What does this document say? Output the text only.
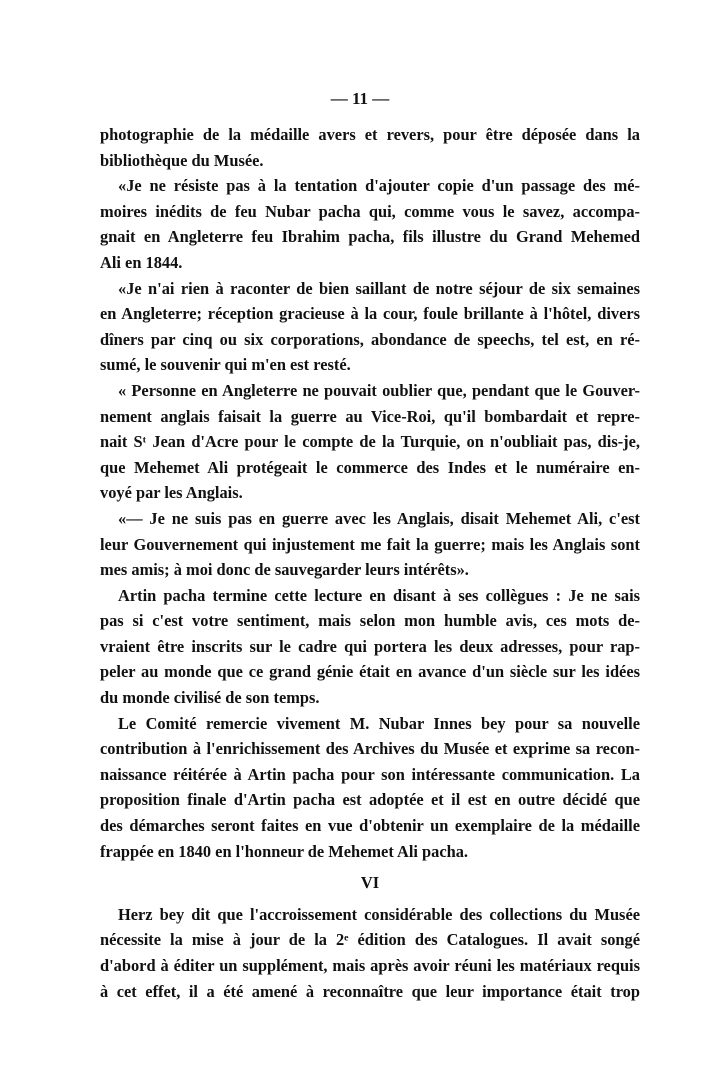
— 11 —
photographie de la médaille avers et revers, pour être déposée dans la
bibliothèque du Musée.
«Je ne résiste pas à la tentation d'ajouter copie d'un passage des mé-
moires inédits de feu Nubar pacha qui, comme vous le savez, accompa-
gnait en Angleterre feu Ibrahim pacha, fils illustre du Grand Mehemed
Ali en 1844.
«Je n'ai rien à raconter de bien saillant de notre séjour de six semaines
en Angleterre; réception gracieuse à la cour, foule brillante à l'hôtel, divers
dîners par cinq ou six corporations, abondance de speechs, tel est, en ré-
sumé, le souvenir qui m'en est resté.
« Personne en Angleterre ne pouvait oublier que, pendant que le Gouver-
nement anglais faisait la guerre au Vice-Roi, qu'il bombardait et repre-
nait Sᵗ Jean d'Acre pour le compte de la Turquie, on n'oubliait pas, dis-je,
que Mehemet Ali protégeait le commerce des Indes et le numéraire en-
voyé par les Anglais.
«— Je ne suis pas en guerre avec les Anglais, disait Mehemet Ali, c'est
leur Gouvernement qui injustement me fait la guerre; mais les Anglais sont
mes amis; à moi donc de sauvegarder leurs intérêts».
Artin pacha termine cette lecture en disant à ses collègues : Je ne sais
pas si c'est votre sentiment, mais selon mon humble avis, ces mots de-
vraient être inscrits sur le cadre qui portera les deux adresses, pour rap-
peler au monde que ce grand génie était en avance d'un siècle sur les idées
du monde civilisé de son temps.
Le Comité remercie vivement M. Nubar Innes bey pour sa nouvelle
contribution à l'enrichissement des Archives du Musée et exprime sa recon-
naissance réitérée à Artin pacha pour son intéressante communication. La
proposition finale d'Artin pacha est adoptée et il est en outre décidé que
des démarches seront faites en vue d'obtenir un exemplaire de la médaille
frappée en 1840 en l'honneur de Mehemet Ali pacha.
VI
Herz bey dit que l'accroissement considérable des collections du Musée
nécessite la mise à jour de la 2ᵉ édition des Catalogues. Il avait songé
d'abord à éditer un supplément, mais après avoir réuni les matériaux requis
à cet effet, il a été amené à reconnaître que leur importance était trop
